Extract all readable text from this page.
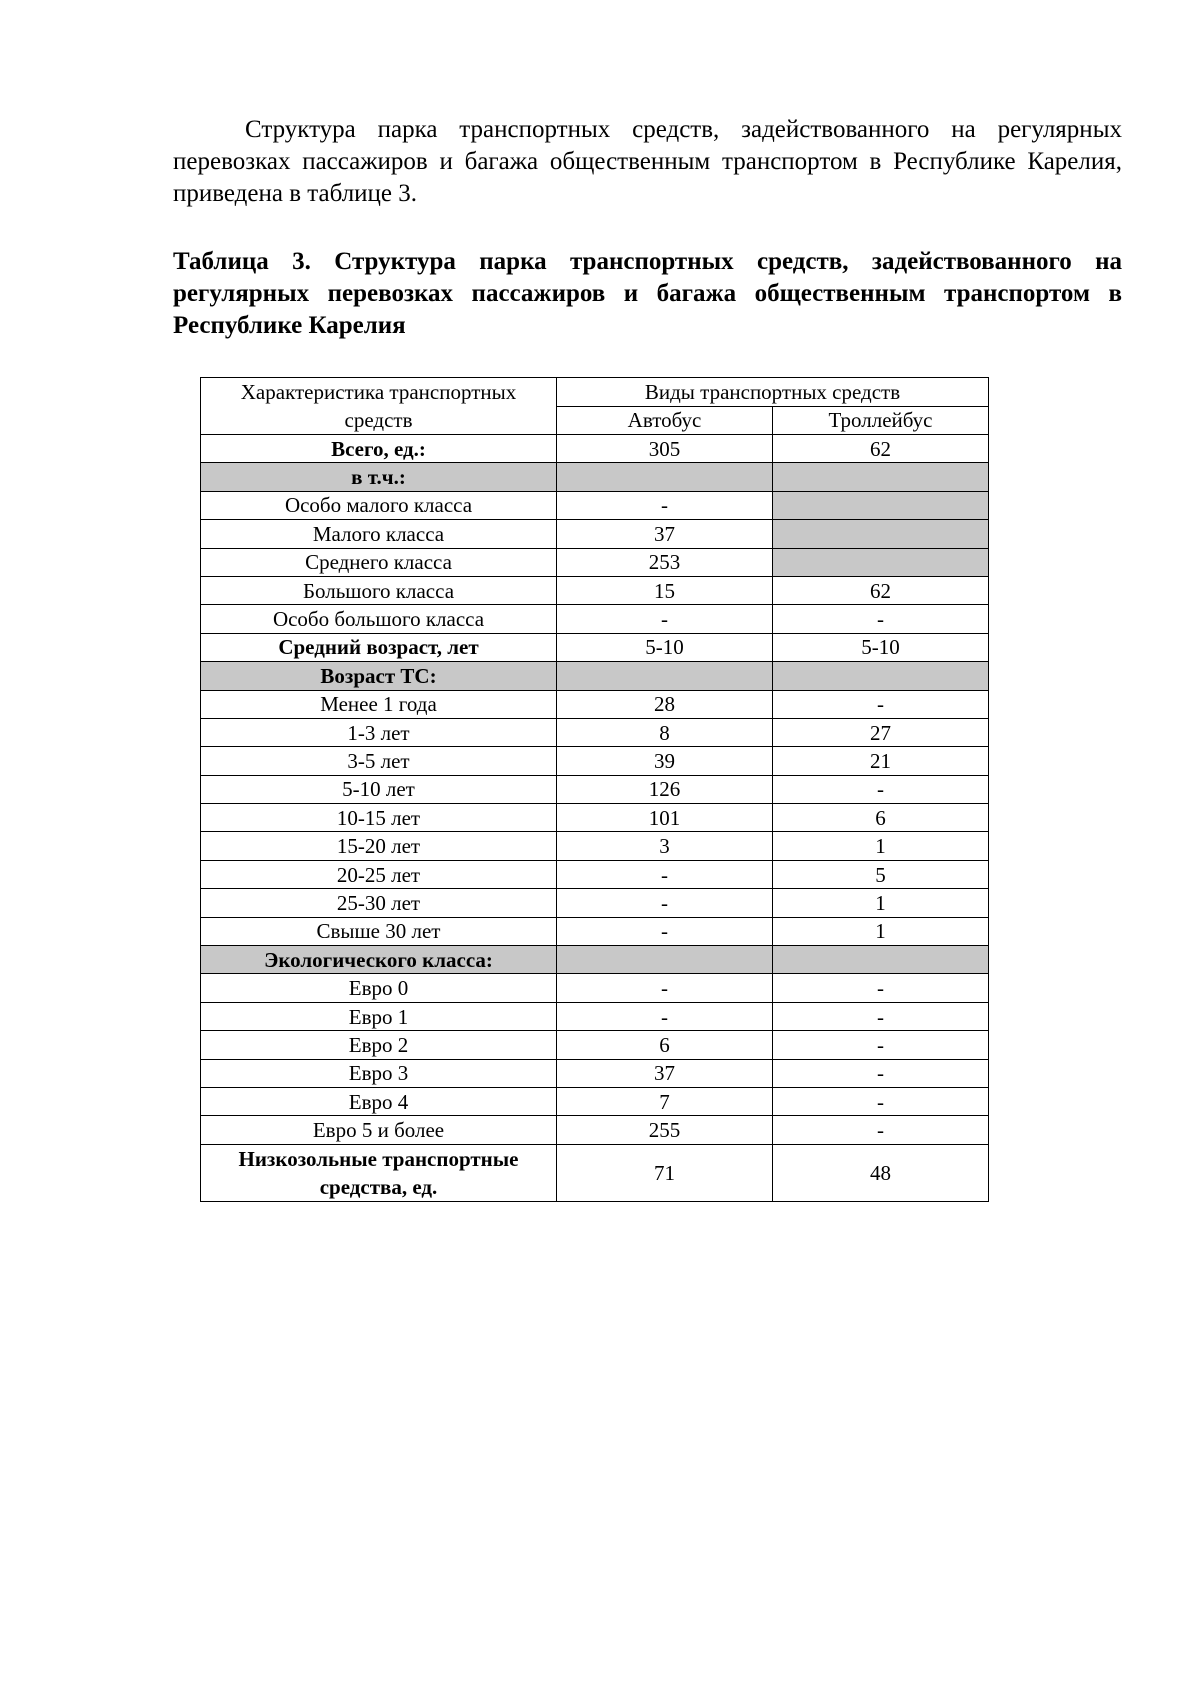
Структура парка транспортных средств, задействованного на регулярных перевозках пассажиров и багажа общественным транспортом в Республике Карелия, приведена в таблице 3.

Таблица 3. Структура парка транспортных средств, задействованного на регулярных перевозках пассажиров и багажа общественным транспортом в Республике Карелия

Характеристика транспортных средств	Виды транспортных средств	
	Автобус	Троллейбус
Всего, ед.:	305	62
в т.ч.:		
Особо малого класса	-	
Малого класса	37	
Среднего класса	253	
Большого класса	15	62
Особо большого класса	-	-
Средний возраст, лет	5-10	5-10
Возраст ТС:		
Менее 1 года	28	-
1-3 лет	8	27
3-5 лет	39	21
5-10 лет	126	-
10-15 лет	101	6
15-20 лет	3	1
20-25 лет	-	5
25-30 лет	-	1
Свыше 30 лет	-	1
Экологического класса:		
Евро 0	-	-
Евро 1	-	-
Евро 2	6	-
Евро 3	37	-
Евро 4	7	-
Евро 5 и более	255	-
Низкозольные транспортные средства, ед.	71	48
